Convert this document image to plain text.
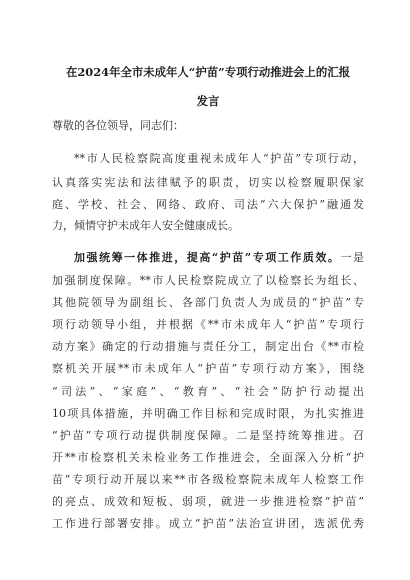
在2024年全市未成年人“护苗”专项行动推进会上的汇报
发言
尊敬的各位领导，同志们：
**市人民检察院高度重视未成年人“护苗”专项行动，
认真落实宪法和法律赋予的职责，切实以检察履职保家
庭、学校、社会、网络、政府、司法“六大保护”融通发
力，倾情守护未成年人安全健康成长。
加强统筹一体推进，提高“护苗”专项工作质效。一是
加强制度保障。**市人民检察院成立了以检察长为组长、
其他院领导为副组长、各部门负责人为成员的“护苗”专
项行动领导小组，并根据《**市未成年人“护苗”专项行
动方案》确定的行动措施与责任分工，制定出台《**市检
察机关开展**市未成年人“护苗”专项行动方案》，围绕
“司法”、“家庭”、“教育”、“社会”防护行动提出
10项具体措施，并明确工作目标和完成时限，为扎实推进
“护苗”专项行动提供制度保障。二是坚持统筹推进。召
开**市检察机关未检业务工作推进会，全面深入分析“护
苗”专项行动开展以来**市各级检察院未成年人检察工作
的亮点、成效和短板、弱项，就进一步推进检察“护苗”
工作进行部署安排。成立“护苗”法治宣讲团，选派优秀
